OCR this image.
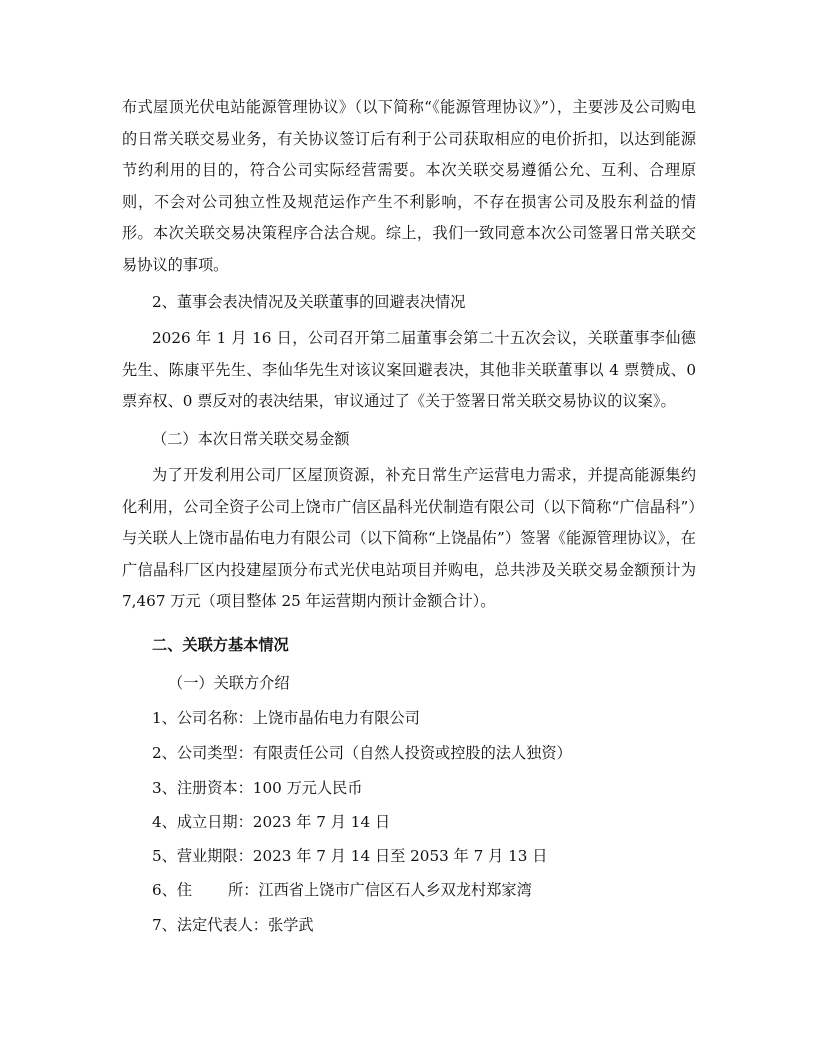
布式屋顶光伏电站能源管理协议》（以下简称“《能源管理协议》”），主要涉及公司购电的日常关联交易业务，有关协议签订后有利于公司获取相应的电价折扣，以达到能源节约利用的目的，符合公司实际经营需要。本次关联交易遵循公允、互利、合理原则，不会对公司独立性及规范运作产生不利影响，不存在损害公司及股东利益的情形。本次关联交易决策程序合法合规。综上，我们一致同意本次公司签署日常关联交易协议的事项。

2、董事会表决情况及关联董事的回避表决情况

2026 年 1 月 16 日，公司召开第二届董事会第二十五次会议，关联董事李仙德先生、陈康平先生、李仙华先生对该议案回避表决，其他非关联董事以 4 票赞成、0 票弃权、0 票反对的表决结果，审议通过了《关于签署日常关联交易协议的议案》。

（二）本次日常关联交易金额

为了开发利用公司厂区屋顶资源，补充日常生产运营电力需求，并提高能源集约化利用，公司全资子公司上饶市广信区晶科光伏制造有限公司（以下简称“广信晶科”）与关联人上饶市晶佑电力有限公司（以下简称“上饶晶佑”）签署《能源管理协议》，在广信晶科厂区内投建屋顶分布式光伏电站项目并购电，总共涉及关联交易金额预计为 7,467 万元（项目整体 25 年运营期内预计金额合计）。

二、关联方基本情况

（一）关联方介绍

1、公司名称：上饶市晶佑电力有限公司

2、公司类型：有限责任公司（自然人投资或控股的法人独资）

3、注册资本：100 万元人民币

4、成立日期：2023 年 7 月 14 日

5、营业期限：2023 年 7 月 14 日至 2053 年 7 月 13 日

6、住 所：江西省上饶市广信区石人乡双龙村郑家湾

7、法定代表人：张学武
